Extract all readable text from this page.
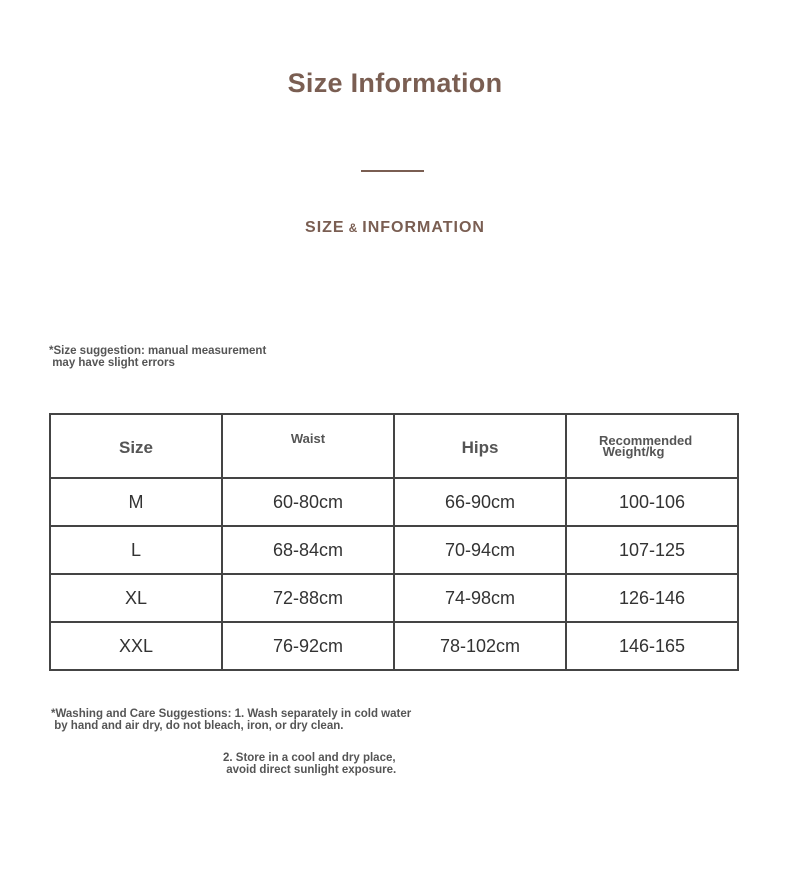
Size Information
SIZE & INFORMATION
*Size suggestion: manual measurement
may have slight errors
Size	Waist	Hips	Recommended
Weight/kg
M	60-80cm	66-90cm	100-106
L	68-84cm	70-94cm	107-125
XL	72-88cm	74-98cm	126-146
XXL	76-92cm	78-102cm	146-165
*Washing and Care Suggestions: 1. Wash separately in cold water
by hand and air dry, do not bleach, iron, or dry clean.
2. Store in a cool and dry place,
avoid direct sunlight exposure.
